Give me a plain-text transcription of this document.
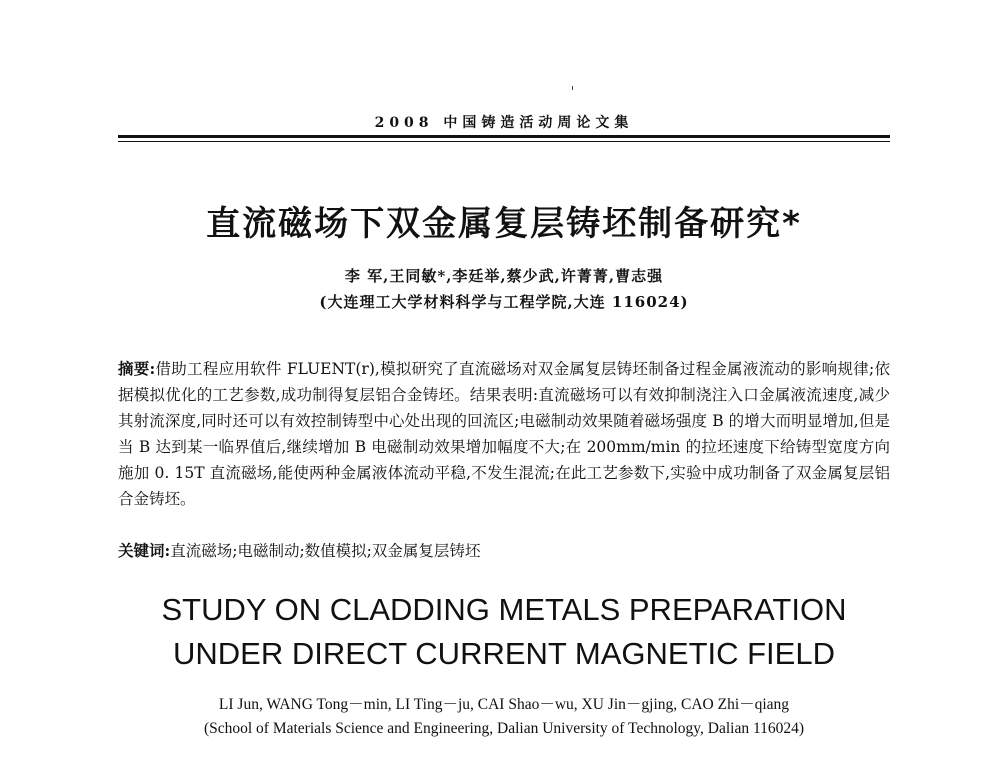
2008 中国铸造活动周论文集
直流磁场下双金属复层铸坯制备研究*
李 军,王同敏*,李廷举,蔡少武,许菁菁,曹志强
(大连理工大学材料科学与工程学院,大连 116024)
摘要:借助工程应用软件 FLUENT(r),模拟研究了直流磁场对双金属复层铸坯制备过程金属液流动的影响规律;依据模拟优化的工艺参数,成功制得复层铝合金铸坯。结果表明:直流磁场可以有效抑制浇注入口金属液流速度,减少其射流深度,同时还可以有效控制铸型中心处出现的回流区;电磁制动效果随着磁场强度 B 的增大而明显增加,但是当 B 达到某一临界值后,继续增加 B 电磁制动效果增加幅度不大;在 200mm/min 的拉坯速度下给铸型宽度方向施加 0. 15T 直流磁场,能使两种金属液体流动平稳,不发生混流;在此工艺参数下,实验中成功制备了双金属复层铝合金铸坯。
关键词:直流磁场;电磁制动;数值模拟;双金属复层铸坯
STUDY ON CLADDING METALS PREPARATION
UNDER DIRECT CURRENT MAGNETIC FIELD
LI Jun, WANG Tong－min, LI Ting－ju, CAI Shao－wu, XU Jin－gjing, CAO Zhi－qiang
(School of Materials Science and Engineering, Dalian University of Technology, Dalian 116024)
